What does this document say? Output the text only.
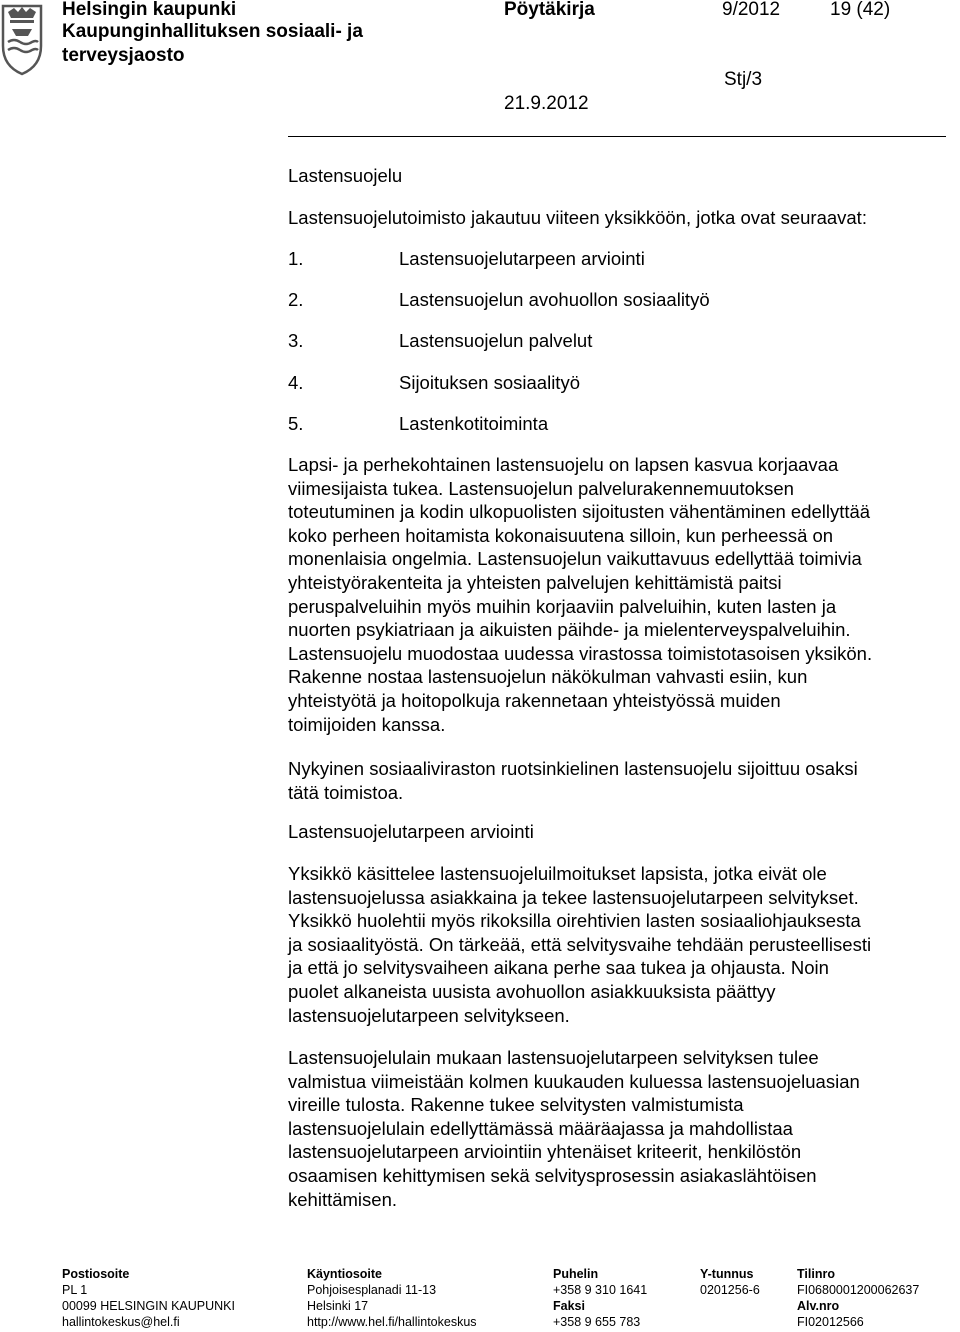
Helsingin kaupunki
Kaupunginhallituksen sosiaali- ja
terveysjaosto
Pöytäkirja	9/2012	19 (42)
Stj/3
21.9.2012
Lastensuojelu
Lastensuojelutoimisto jakautuu viiteen yksikköön, jotka ovat seuraavat:
1.	Lastensuojelutarpeen arviointi
2.	Lastensuojelun avohuollon sosiaalityö
3.	Lastensuojelun palvelut
4.	Sijoituksen sosiaalityö
5.	Lastenkotitoiminta
Lapsi- ja perhekohtainen lastensuojelu on lapsen kasvua korjaavaa
viimesijaista tukea. Lastensuojelun palvelurakennemuutoksen
toteutuminen ja kodin ulkopuolisten sijoitusten vähentäminen edellyttää
koko perheen hoitamista kokonaisuutena silloin, kun perheessä on
monenlaisia ongelmia. Lastensuojelun vaikuttavuus edellyttää toimivia
yhteistyörakenteita ja yhteisten palvelujen kehittämistä paitsi
peruspalveluihin myös muihin korjaaviin palveluihin, kuten lasten ja
nuorten psykiatriaan ja aikuisten päihde- ja mielenterveyspalveluihin.
Lastensuojelu muodostaa uudessa virastossa toimistotasoisen yksikön.
Rakenne nostaa lastensuojelun näkökulman vahvasti esiin, kun
yhteistyötä ja hoitopolkuja rakennetaan yhteistyössä muiden
toimijoiden kanssa.
Nykyinen sosiaaliviraston ruotsinkielinen lastensuojelu sijoittuu osaksi
tätä toimistoa.
Lastensuojelutarpeen arviointi
Yksikkö käsittelee lastensuojeluilmoitukset lapsista, jotka eivät ole
lastensuojelussa asiakkaina ja tekee lastensuojelutarpeen selvitykset.
Yksikkö huolehtii myös rikoksilla oirehtivien lasten sosiaaliohjauksesta
ja sosiaalityöstä. On tärkeää, että selvitysvaihe tehdään perusteellisesti
ja että jo selvitysvaiheen aikana perhe saa tukea ja ohjausta. Noin
puolet alkaneista uusista avohuollon asiakkuuksista päättyy
lastensuojelutarpeen selvitykseen.
Lastensuojelulain mukaan lastensuojelutarpeen selvityksen tulee
valmistua viimeistään kolmen kuukauden kuluessa lastensuojeluasian
vireille tulosta. Rakenne tukee selvitysten valmistumista
lastensuojelulain edellyttämässä määräajassa ja mahdollistaa
lastensuojelutarpeen arviointiin yhtenäiset kriteerit, henkilöstön
osaamisen kehittymisen sekä selvitysprosessin asiakaslähtöisen
kehittämisen.
Postiosoite
PL 1
00099 HELSINGIN KAUPUNKI
hallintokeskus@hel.fi
Käyntiosoite
Pohjoisesplanadi 11-13
Helsinki 17
http://www.hel.fi/hallintokeskus
Puhelin
+358 9 310 1641
Faksi
+358 9 655 783
Y-tunnus
0201256-6
Tilinro
FI0680001200062637
Alv.nro
FI02012566
